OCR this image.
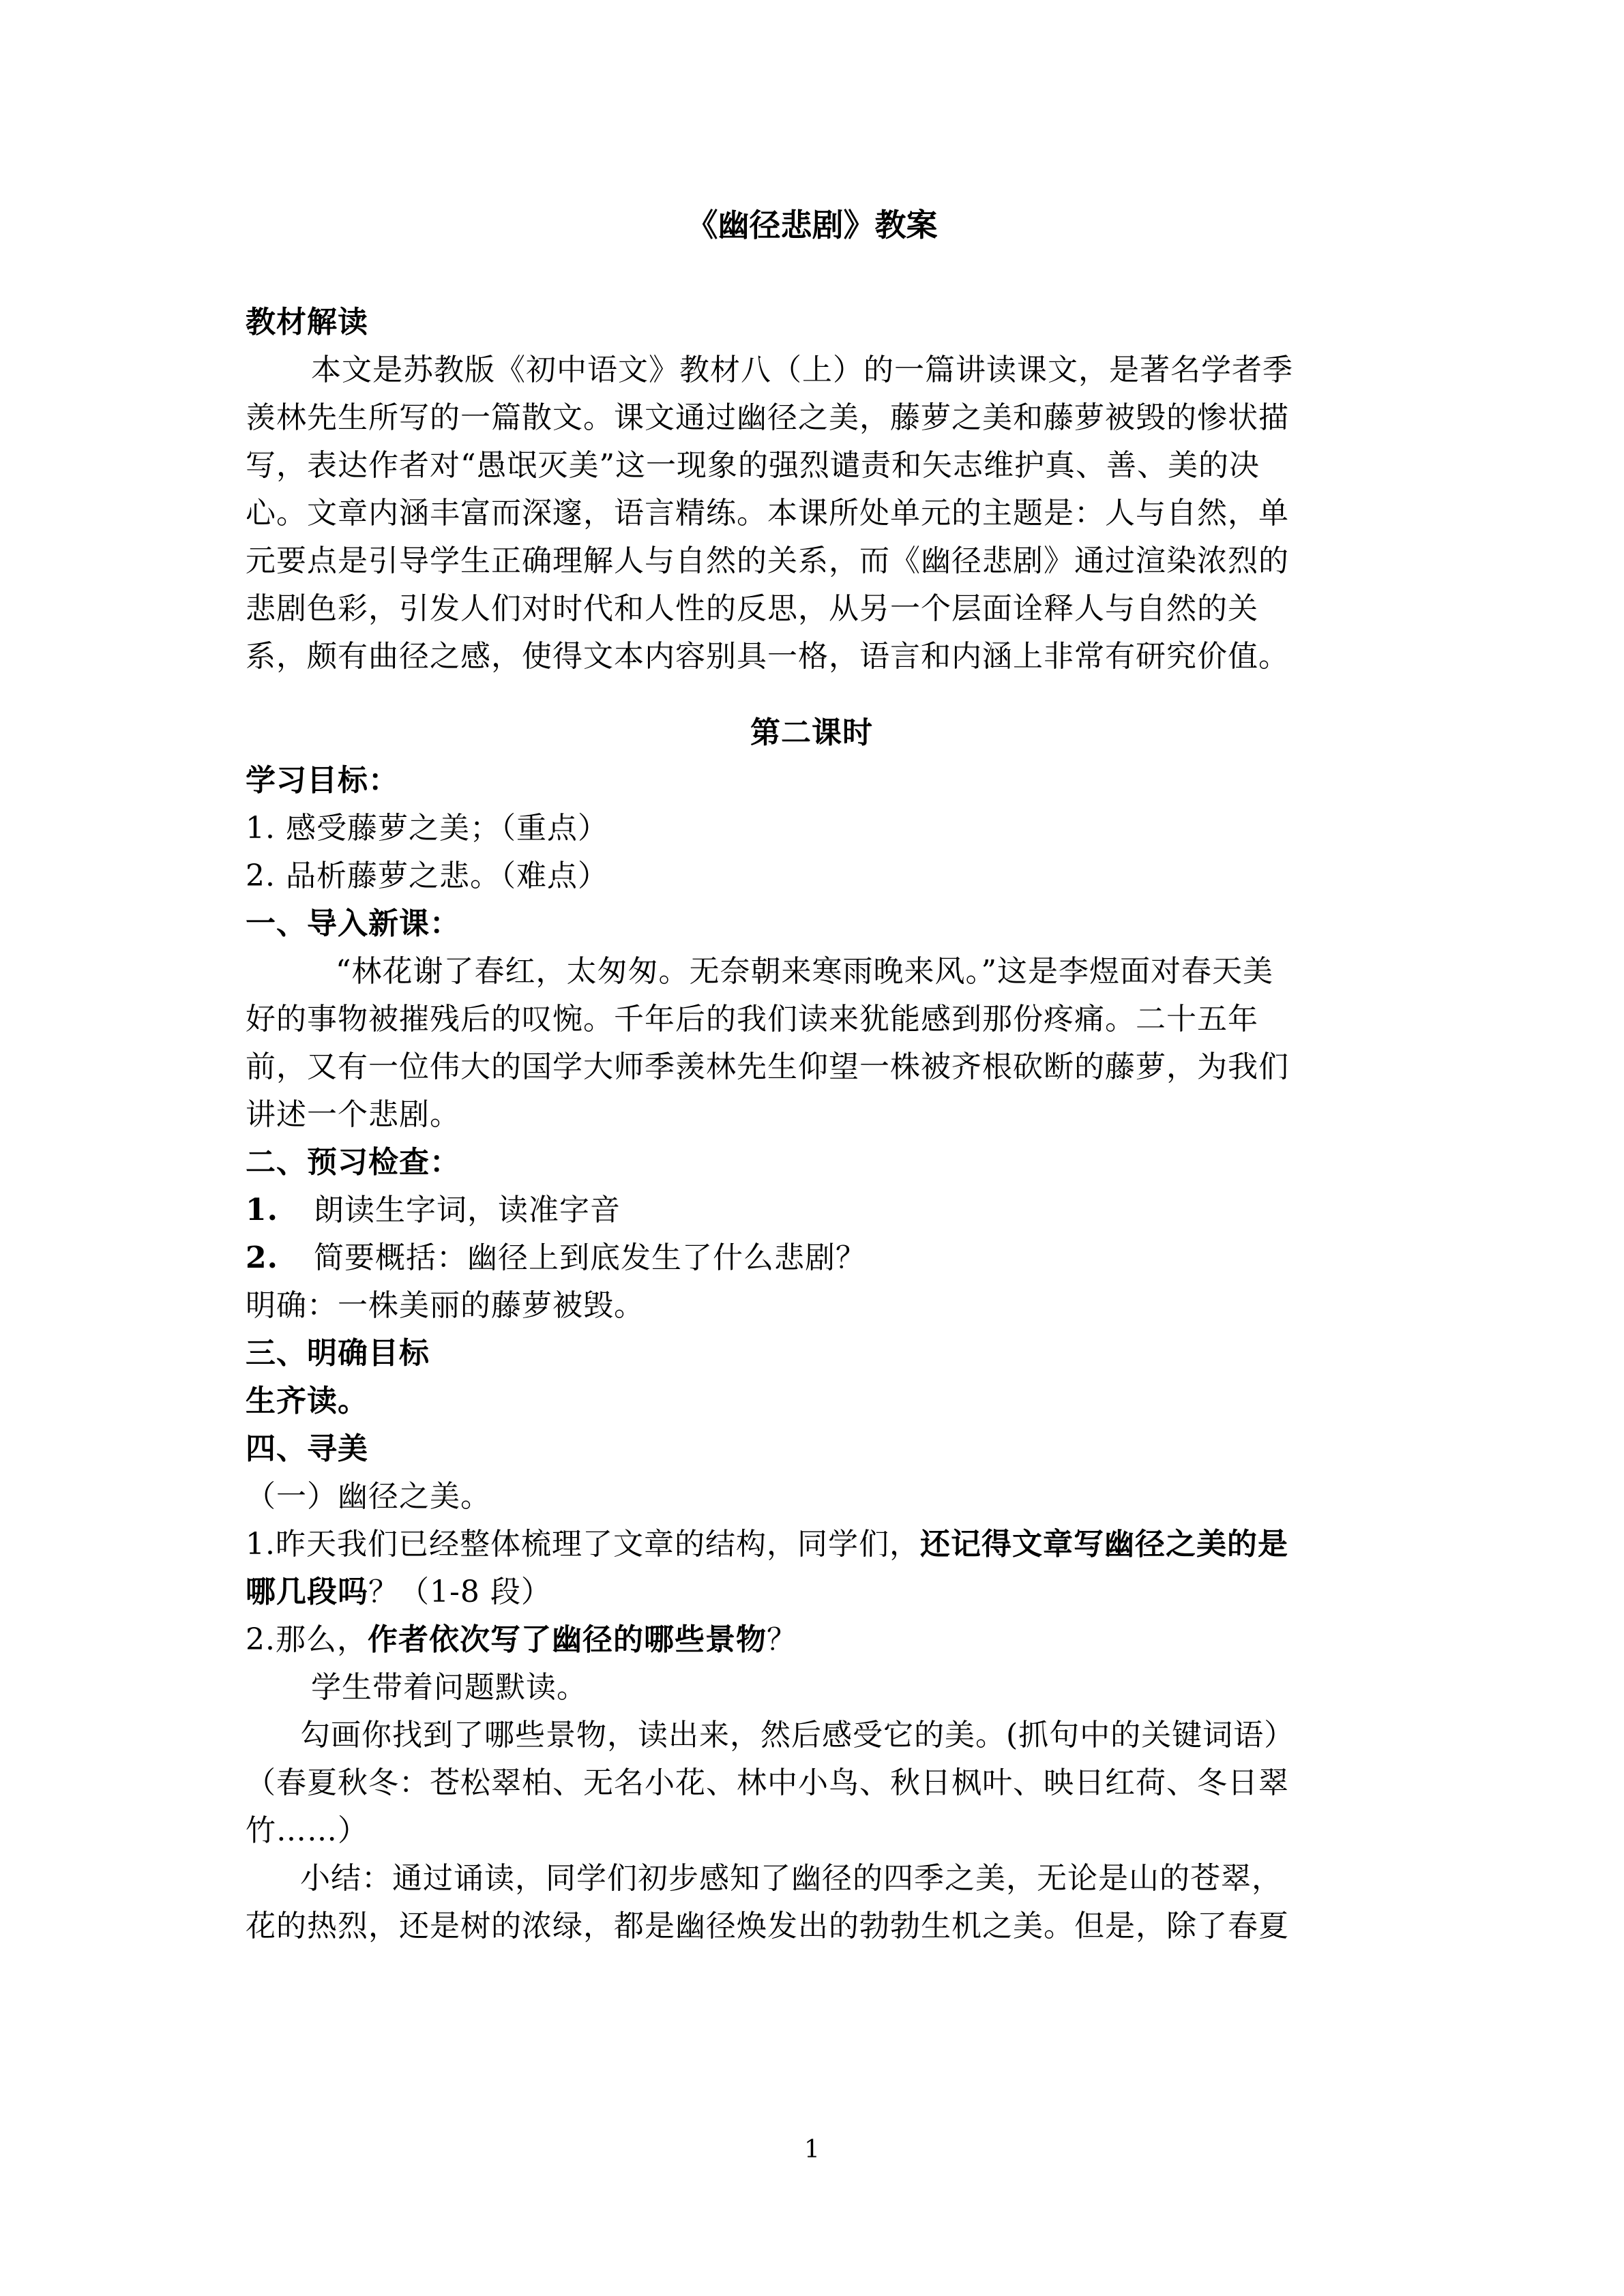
《幽径悲剧》教案
教材解读
本文是苏教版《初中语文》教材八（上）的一篇讲读课文，是著名学者季
羡林先生所写的一篇散文。课文通过幽径之美，藤萝之美和藤萝被毁的惨状描
写，表达作者对“愚氓灭美”这一现象的强烈谴责和矢志维护真、善、美的决
心。文章内涵丰富而深邃，语言精练。本课所处单元的主题是：人与自然，单
元要点是引导学生正确理解人与自然的关系，而《幽径悲剧》通过渲染浓烈的
悲剧色彩，引发人们对时代和人性的反思，从另一个层面诠释人与自然的关
系，颇有曲径之感，使得文本内容别具一格，语言和内涵上非常有研究价值。
第二课时
学习目标：
1. 感受藤萝之美；（重点）
2. 品析藤萝之悲。（难点）
一、导入新课：
“林花谢了春红，太匆匆。无奈朝来寒雨晚来风。”这是李煜面对春天美
好的事物被摧残后的叹惋。千年后的我们读来犹能感到那份疼痛。二十五年
前，又有一位伟大的国学大师季羡林先生仰望一株被齐根砍断的藤萝，为我们
讲述一个悲剧。
二、预习检查：
1. 朗读生字词，读准字音
2. 简要概括：幽径上到底发生了什么悲剧？
明确：一株美丽的藤萝被毁。
三、明确目标
生齐读。
四、寻美
（一）幽径之美。
1.昨天我们已经整体梳理了文章的结构，同学们，还记得文章写幽径之美的是
哪几段吗？（1-8 段）
2.那么，作者依次写了幽径的哪些景物？
学生带着问题默读。
勾画你找到了哪些景物，读出来，然后感受它的美。(抓句中的关键词语）
（春夏秋冬：苍松翠柏、无名小花、林中小鸟、秋日枫叶、映日红荷、冬日翠
竹……）
小结：通过诵读，同学们初步感知了幽径的四季之美，无论是山的苍翠，
花的热烈，还是树的浓绿，都是幽径焕发出的勃勃生机之美。但是，除了春夏
1
